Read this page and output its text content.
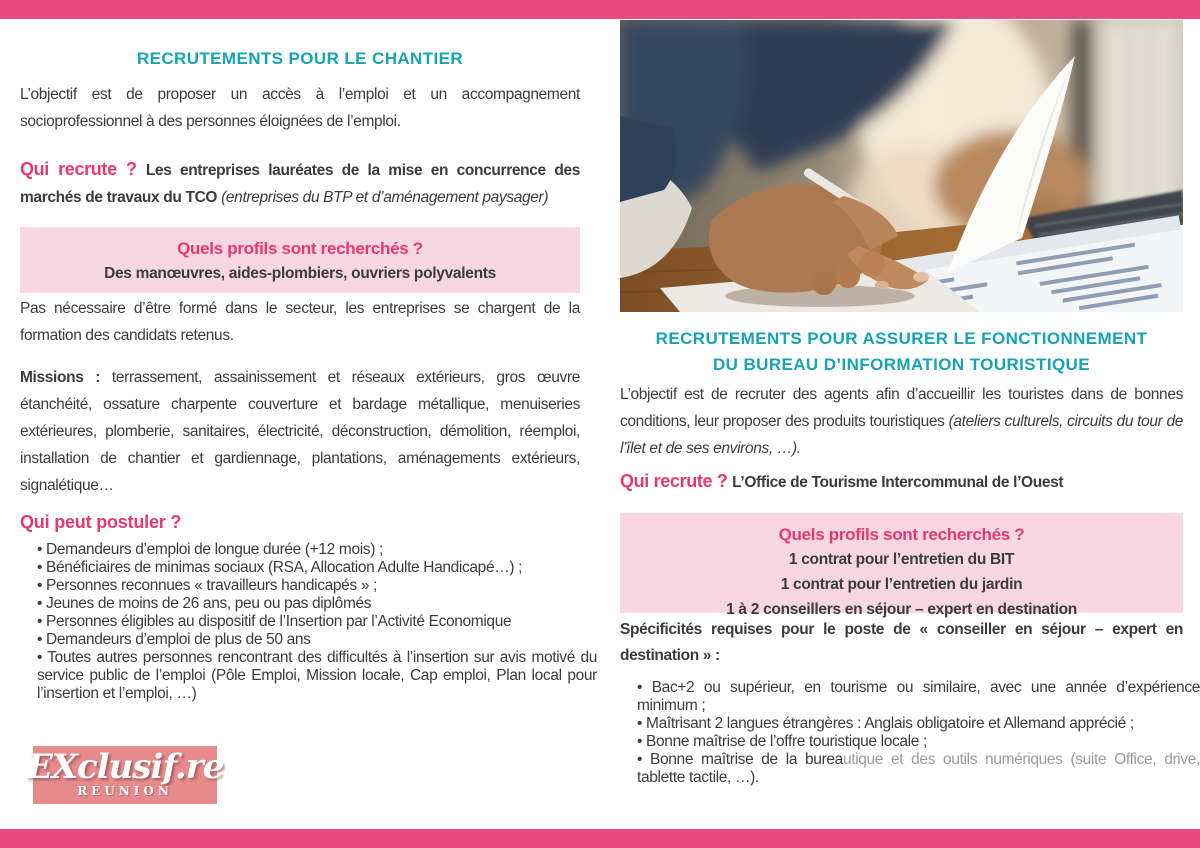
RECRUTEMENTS POUR LE CHANTIER

L’objectif est de proposer un accès à l’emploi et un accompagnement socioprofessionnel à des personnes éloignées de l’emploi.

Qui recrute ? Les entreprises lauréates de la mise en concurrence des marchés de travaux du TCO (entreprises du BTP et d’aménagement paysager)

Quels profils sont recherchés ?
Des manœuvres, aides-plombiers, ouvriers polyvalents

Pas nécessaire d’être formé dans le secteur, les entreprises se chargent de la formation des candidats retenus.

Missions : terrassement, assainissement et réseaux extérieurs, gros œuvre étanchéité, ossature charpente couverture et bardage métallique, menuiseries extérieures, plomberie, sanitaires, électricité, déconstruction, démolition, réemploi, installation de chantier et gardiennage, plantations, aménagements extérieurs, signalétique…

Qui peut postuler ?
• Demandeurs d’emploi de longue durée (+12 mois) ;
• Bénéficiaires de minimas sociaux (RSA, Allocation Adulte Handicapé…) ;
• Personnes reconnues « travailleurs handicapés » ;
• Jeunes de moins de 26 ans, peu ou pas diplômés
• Personnes éligibles au dispositif de l’Insertion par l’Activité Economique
• Demandeurs d’emploi de plus de 50 ans
• Toutes autres personnes rencontrant des difficultés à l’insertion sur avis motivé du service public de l’emploi (Pôle Emploi, Mission locale, Cap emploi, Plan local pour l’insertion et l’emploi, …)
EXclusif.re
REUNION
RECRUTEMENTS POUR ASSURER LE FONCTIONNEMENT
DU BUREAU D’INFORMATION TOURISTIQUE

L’objectif est de recruter des agents afin d’accueillir les touristes dans de bonnes conditions, leur proposer des produits touristiques (ateliers culturels, circuits du tour de l’îlet et de ses environs, …).

Qui recrute ? L’Office de Tourisme Intercommunal de l’Ouest

Quels profils sont recherchés ?
1 contrat pour l’entretien du BIT
1 contrat pour l’entretien du jardin
1 à 2 conseillers en séjour – expert en destination

Spécificités requises pour le poste de « conseiller en séjour – expert en destination » :

• Bac+2 ou supérieur, en tourisme ou similaire, avec une année d’expérience minimum ;
• Maîtrisant 2 langues étrangères : Anglais obligatoire et Allemand apprécié ;
• Bonne maîtrise de l’offre touristique locale ;
• Bonne maîtrise de la bureautique et des outils numériques (suite Office, drive, tablette tactile, …).
